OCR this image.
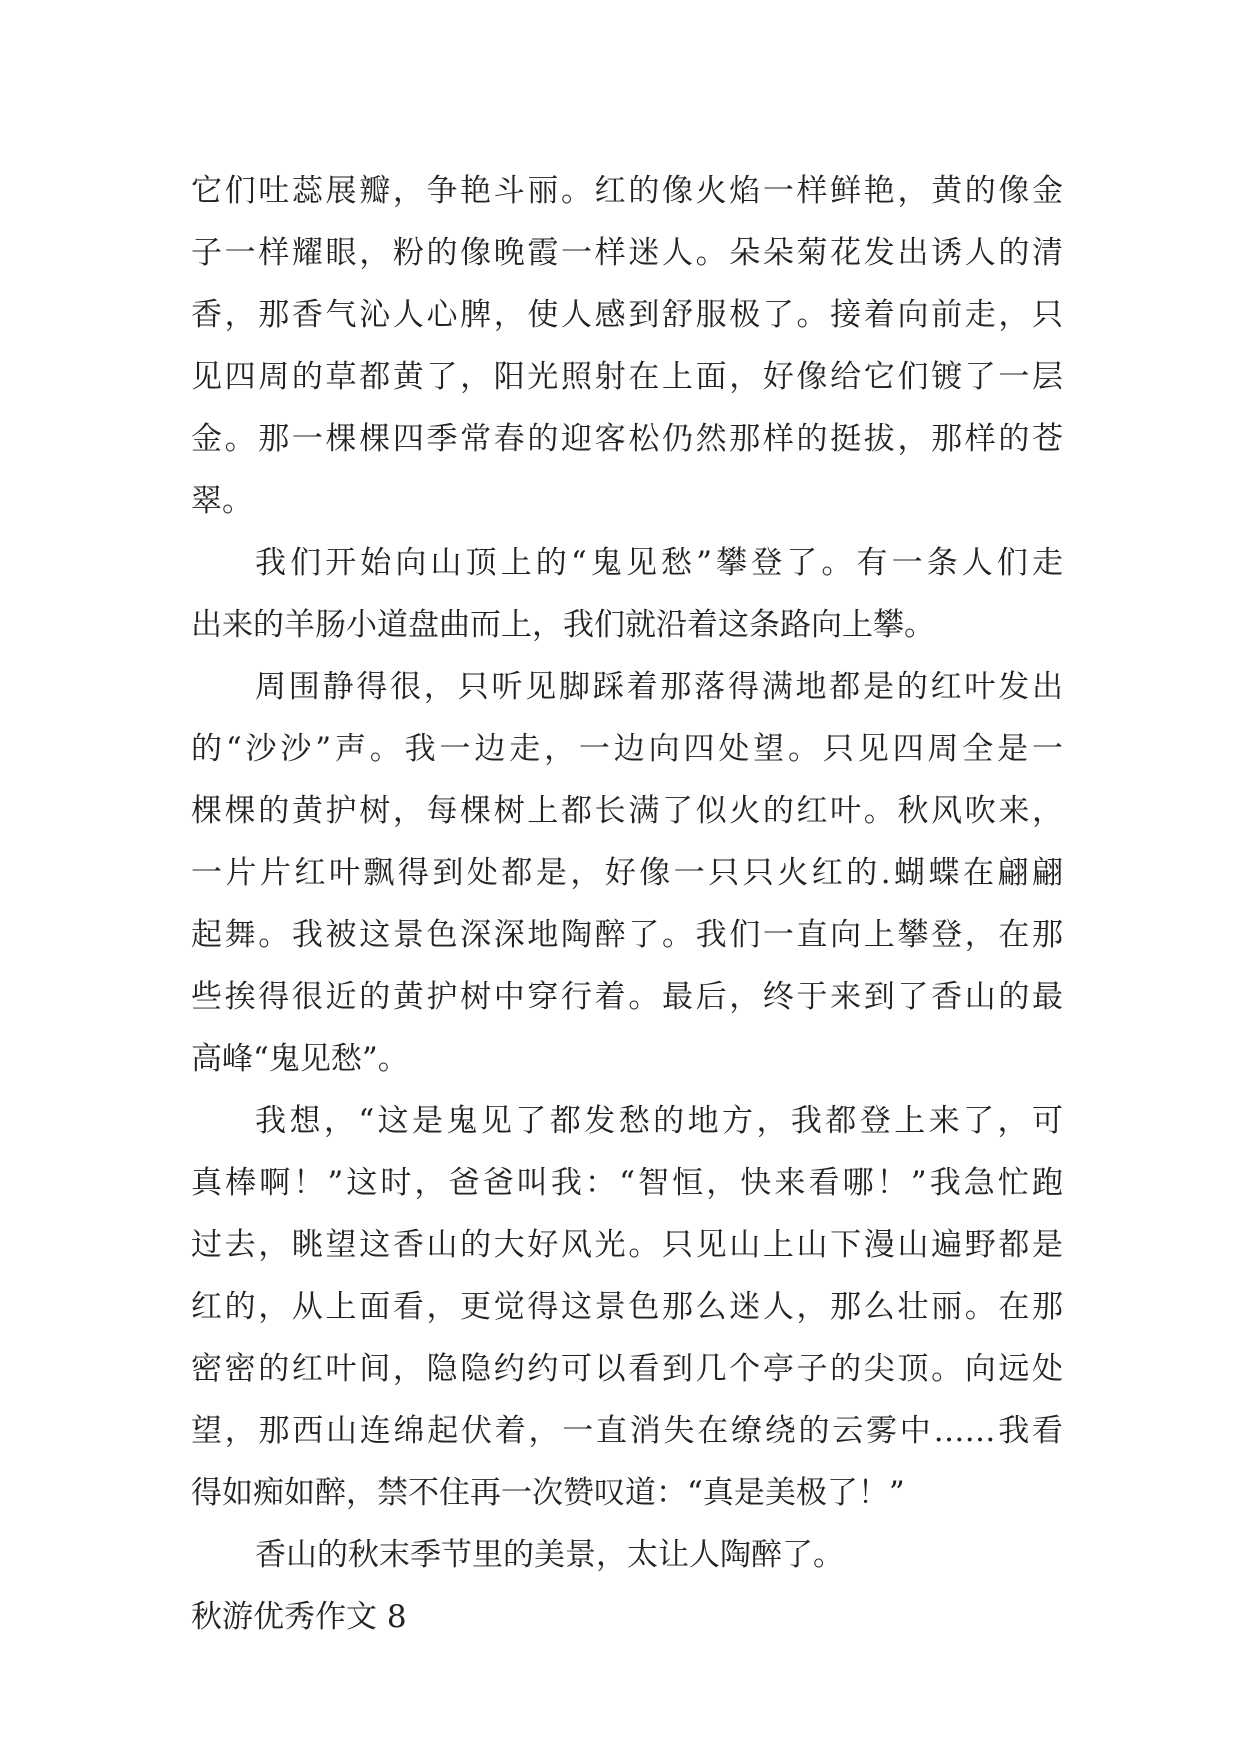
它们吐蕊展瓣，争艳斗丽。红的像火焰一样鲜艳，黄的像金
子一样耀眼，粉的像晚霞一样迷人。朵朵菊花发出诱人的清
香，那香气沁人心脾，使人感到舒服极了。接着向前走，只
见四周的草都黄了，阳光照射在上面，好像给它们镀了一层
金。那一棵棵四季常春的迎客松仍然那样的挺拔，那样的苍
翠。
我们开始向山顶上的“鬼见愁”攀登了。有一条人们走
出来的羊肠小道盘曲而上，我们就沿着这条路向上攀。
周围静得很，只听见脚踩着那落得满地都是的红叶发出
的“沙沙”声。我一边走，一边向四处望。只见四周全是一
棵棵的黄护树，每棵树上都长满了似火的红叶。秋风吹来，
一片片红叶飘得到处都是，好像一只只火红的.蝴蝶在翩翩
起舞。我被这景色深深地陶醉了。我们一直向上攀登，在那
些挨得很近的黄护树中穿行着。最后，终于来到了香山的最
高峰“鬼见愁”。
我想，“这是鬼见了都发愁的地方，我都登上来了，可
真棒啊！”这时，爸爸叫我：“智恒，快来看哪！”我急忙跑
过去，眺望这香山的大好风光。只见山上山下漫山遍野都是
红的，从上面看，更觉得这景色那么迷人，那么壮丽。在那
密密的红叶间，隐隐约约可以看到几个亭子的尖顶。向远处
望，那西山连绵起伏着，一直消失在缭绕的云雾中……我看
得如痴如醉，禁不住再一次赞叹道：“真是美极了！”
香山的秋末季节里的美景，太让人陶醉了。
秋游优秀作文 8
